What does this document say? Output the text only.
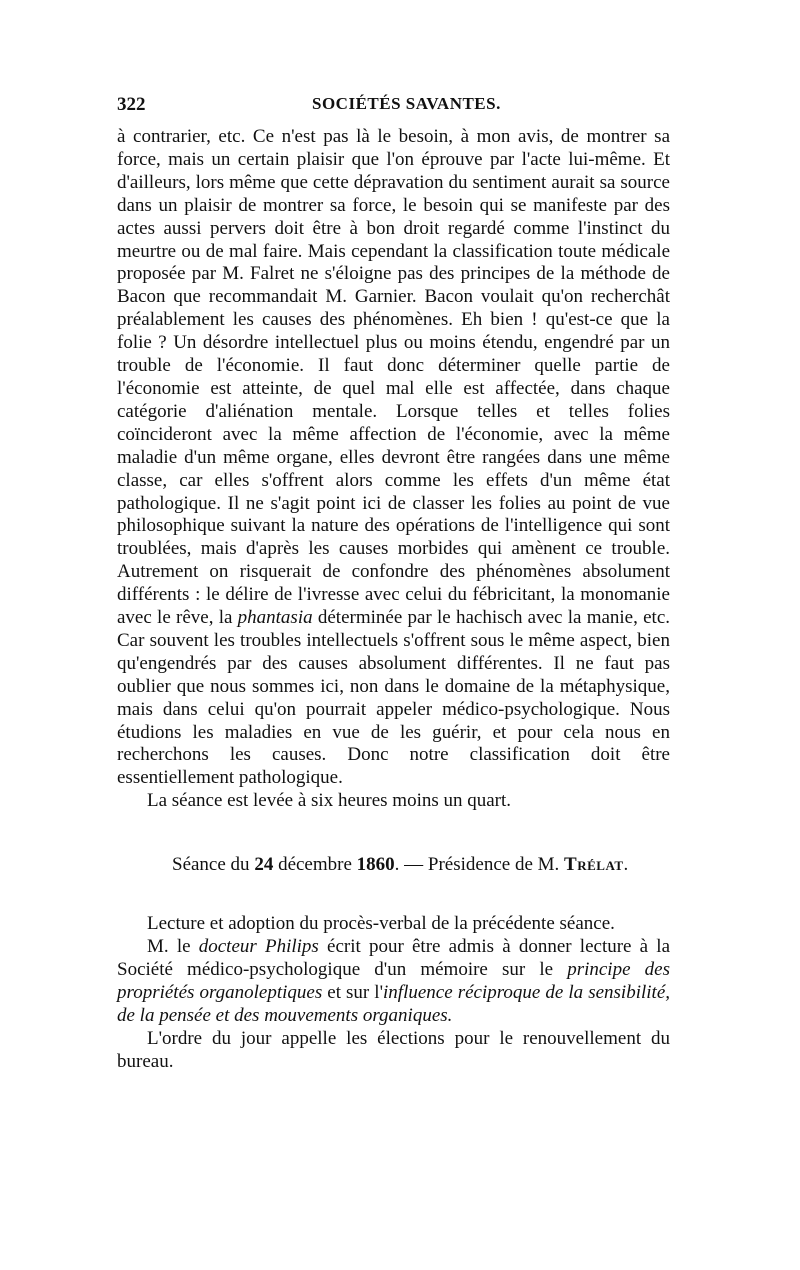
322	SOCIÉTÉS SAVANTES.

à contrarier, etc. Ce n'est pas là le besoin, à mon avis, de montrer sa force, mais un certain plaisir que l'on éprouve par l'acte lui-même. Et d'ailleurs, lors même que cette dépravation du sentiment aurait sa source dans un plaisir de montrer sa force, le besoin qui se manifeste par des actes aussi pervers doit être à bon droit regardé comme l'instinct du meurtre ou de mal faire. Mais cependant la classification toute médicale proposée par M. Falret ne s'éloigne pas des principes de la méthode de Bacon que recommandait M. Garnier. Bacon voulait qu'on recherchât préalablement les causes des phénomènes. Eh bien ! qu'est-ce que la folie ? Un désordre intellectuel plus ou moins étendu, engendré par un trouble de l'économie. Il faut donc déterminer quelle partie de l'économie est atteinte, de quel mal elle est affectée, dans chaque catégorie d'aliénation mentale. Lorsque telles et telles folies coïncideront avec la même affection de l'économie, avec la même maladie d'un même organe, elles devront être rangées dans une même classe, car elles s'offrent alors comme les effets d'un même état pathologique. Il ne s'agit point ici de classer les folies au point de vue philosophique suivant la nature des opérations de l'intelligence qui sont troublées, mais d'après les causes morbides qui amènent ce trouble. Autrement on risquerait de confondre des phénomènes absolument différents : le délire de l'ivresse avec celui du fébricitant, la monomanie avec le rêve, la phantasia déterminée par le hachisch avec la manie, etc. Car souvent les troubles intellectuels s'offrent sous le même aspect, bien qu'engendrés par des causes absolument différentes. Il ne faut pas oublier que nous sommes ici, non dans le domaine de la métaphysique, mais dans celui qu'on pourrait appeler médico-psychologique. Nous étudions les maladies en vue de les guérir, et pour cela nous en recherchons les causes. Donc notre classification doit être essentiellement pathologique.

La séance est levée à six heures moins un quart.

Séance du 24 décembre 1860. — Présidence de M. Trélat.

Lecture et adoption du procès-verbal de la précédente séance.

M. le docteur Philips écrit pour être admis à donner lecture à la Société médico-psychologique d'un mémoire sur le principe des propriétés organoleptiques et sur l'influence réciproque de la sensibilité, de la pensée et des mouvements organiques.

L'ordre du jour appelle les élections pour le renouvellement du bureau.
